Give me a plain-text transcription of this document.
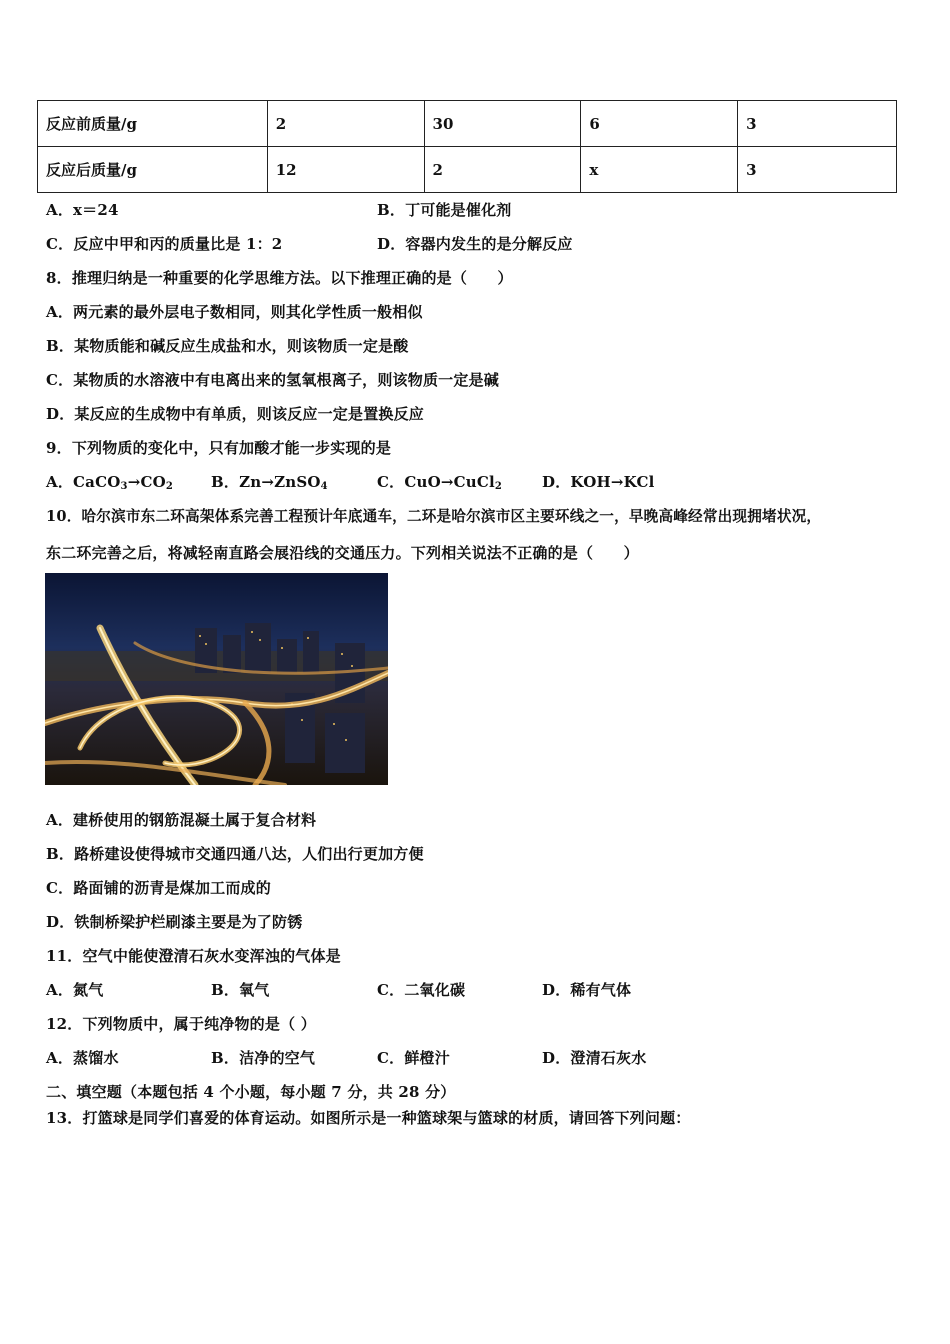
反应前质量/g	2	30	6	3
反应后质量/g	12	2	x	3
A．x＝24	B．丁可能是催化剂
C．反应中甲和丙的质量比是 1：2	D．容器内发生的是分解反应
8．推理归纳是一种重要的化学思维方法。以下推理正确的是（　　）
A．两元素的最外层电子数相同，则其化学性质一般相似
B．某物质能和碱反应生成盐和水，则该物质一定是酸
C．某物质的水溶液中有电离出来的氢氧根离子，则该物质一定是碱
D．某反应的生成物中有单质，则该反应一定是置换反应
9．下列物质的变化中，只有加酸才能一步实现的是
A．$CaCO_3\to CO_2$	B．Zn→ZnSO$_4$	C．CuO→CuCl$_2$	D．KOH→KCl
10．哈尔滨市东二环高架体系完善工程预计年底通车，二环是哈尔滨市区主要环线之一，早晚高峰经常出现拥堵状况，
东二环完善之后，将减轻南直路会展沿线的交通压力。下列相关说法不正确的是（　　）
A．建桥使用的钢筋混凝土属于复合材料
B．路桥建设使得城市交通四通八达，人们出行更加方便
C．路面铺的沥青是煤加工而成的
D．铁制桥梁护栏刷漆主要是为了防锈
11．空气中能使澄清石灰水变浑浊的气体是
A．氮气	B．氧气	C．二氧化碳	D．稀有气体
12．下列物质中，属于纯净物的是（ ）
A．蒸馏水	B．洁净的空气	C．鲜橙汁	D．澄清石灰水
二、填空题（本题包括 4 个小题，每小题 7 分，共 28 分）
13．打篮球是同学们喜爱的体育运动。如图所示是一种篮球架与篮球的材质，请回答下列问题：
